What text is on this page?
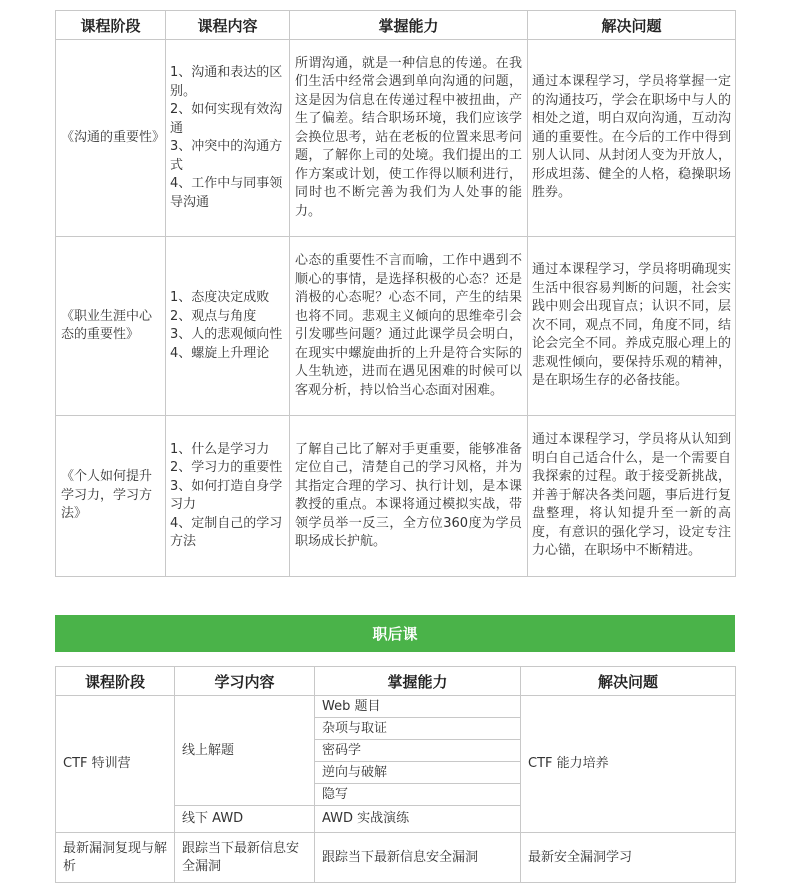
课程阶段	课程内容	掌握能力	解决问题
《沟通的重要性》	1、沟通和表达的区别。
2、如何实现有效沟通
3、冲突中的沟通方式
4、工作中与同事领导沟通	所谓沟通，就是一种信息的传递。在我们生活中经常会遇到单向沟通的问题，这是因为信息在传递过程中被扭曲，产生了偏差。结合职场环境，我们应该学会换位思考，站在老板的位置来思考问题，了解你上司的处境。我们提出的工作方案或计划，使工作得以顺利进行，同时也不断完善为我们为人处事的能力。	通过本课程学习，学员将掌握一定的沟通技巧，学会在职场中与人的相处之道，明白双向沟通，互动沟通的重要性。在今后的工作中得到别人认同、从封闭人变为开放人， 形成坦荡、健全的人格，稳操职场胜券。
《职业生涯中心态的重要性》	1、态度决定成败
2、观点与角度
3、人的悲观倾向性
4、螺旋上升理论	心态的重要性不言而喻，工作中遇到不顺心的事情，是选择积极的心态？还是消极的心态呢？心态不同，产生的结果也将不同。悲观主义倾向的思维牵引会引发哪些问题？通过此课学员会明白，在现实中螺旋曲折的上升是符合实际的人生轨迹，进而在遇见困难的时候可以客观分析，持以恰当心态面对困难。	通过本课程学习，学员将明确现实生活中很容易判断的问题，社会实践中则会出现盲点；认识不同，层次不同，观点不同，角度不同，结论会完全不同。养成克服心理上的悲观性倾向，要保持乐观的精神，是在职场生存的必备技能。
《个人如何提升学习力，学习方法》	1、什么是学习力
2、学习力的重要性
3、如何打造自身学习力
4、定制自己的学习方法	了解自己比了解对手更重要，能够准备定位自己，清楚自己的学习风格，并为其指定合理的学习、执行计划，是本课教授的重点。本课将通过模拟实战，带领学员举一反三，全方位360度为学员职场成长护航。	通过本课程学习，学员将从认知到明白自己适合什么，是一个需要自我探索的过程。敢于接受新挑战，并善于解决各类问题，事后进行复盘整理，将认知提升至一新的高度，有意识的强化学习，设定专注力心锚，在职场中不断精进。
职后课
课程阶段	学习内容	掌握能力	解决问题
CTF 特训营	线上解题	Web 题目	CTF 能力培养
		杂项与取证	
		密码学	
		逆向与破解	
		隐写	
	线下 AWD	AWD 实战演练	
最新漏洞复现与解析	跟踪当下最新信息安全漏洞	跟踪当下最新信息安全漏洞	最新安全漏洞学习
